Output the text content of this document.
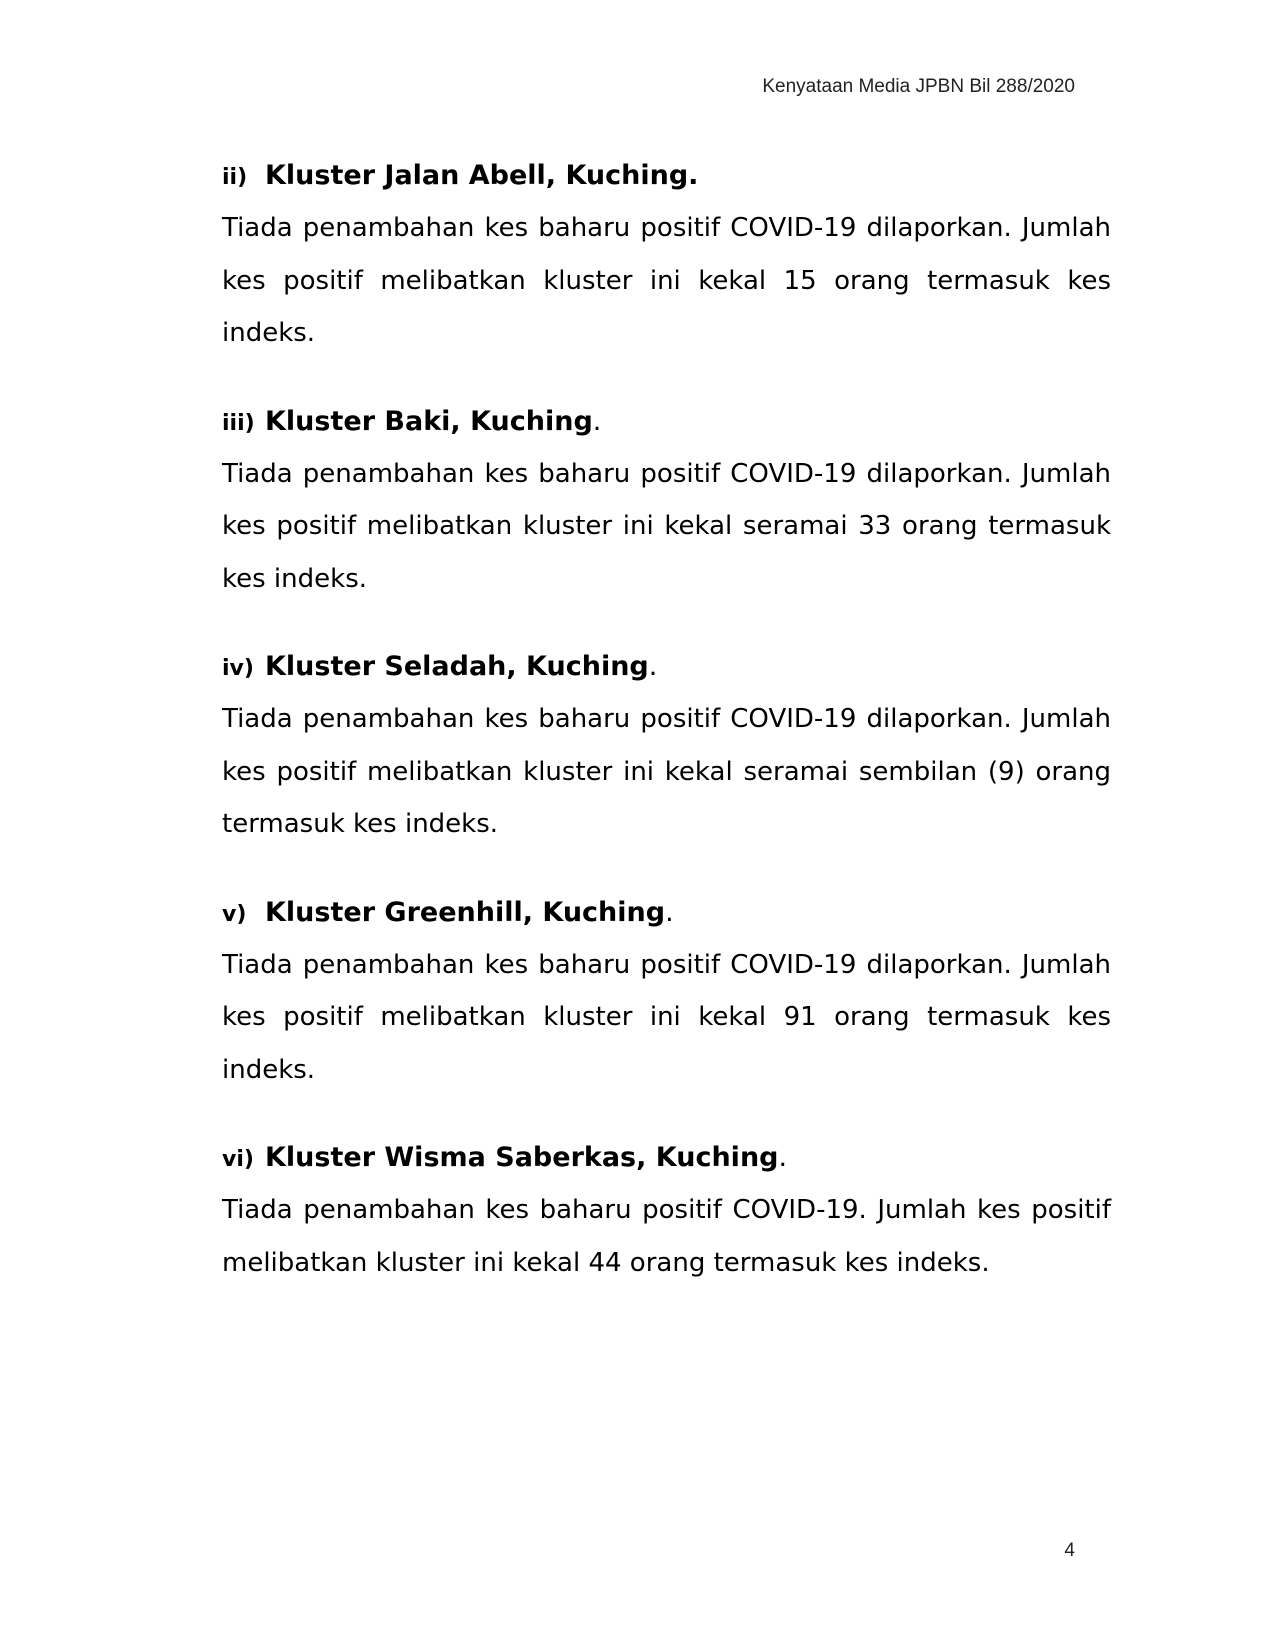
Kenyataan Media JPBN Bil 288/2020
ii) Kluster Jalan Abell, Kuching.

Tiada penambahan kes baharu positif COVID-19 dilaporkan. Jumlah kes positif melibatkan kluster ini kekal 15 orang termasuk kes indeks.

iii) Kluster Baki, Kuching.

Tiada penambahan kes baharu positif COVID-19 dilaporkan. Jumlah kes positif melibatkan kluster ini kekal seramai 33 orang termasuk kes indeks.

iv) Kluster Seladah, Kuching.

Tiada penambahan kes baharu positif COVID-19 dilaporkan. Jumlah kes positif melibatkan kluster ini kekal seramai sembilan (9) orang termasuk kes indeks.

v) Kluster Greenhill, Kuching.

Tiada penambahan kes baharu positif COVID-19 dilaporkan. Jumlah kes positif melibatkan kluster ini kekal 91 orang termasuk kes indeks.

vi) Kluster Wisma Saberkas, Kuching.

Tiada penambahan kes baharu positif COVID-19. Jumlah kes positif melibatkan kluster ini kekal 44 orang termasuk kes indeks.

4
